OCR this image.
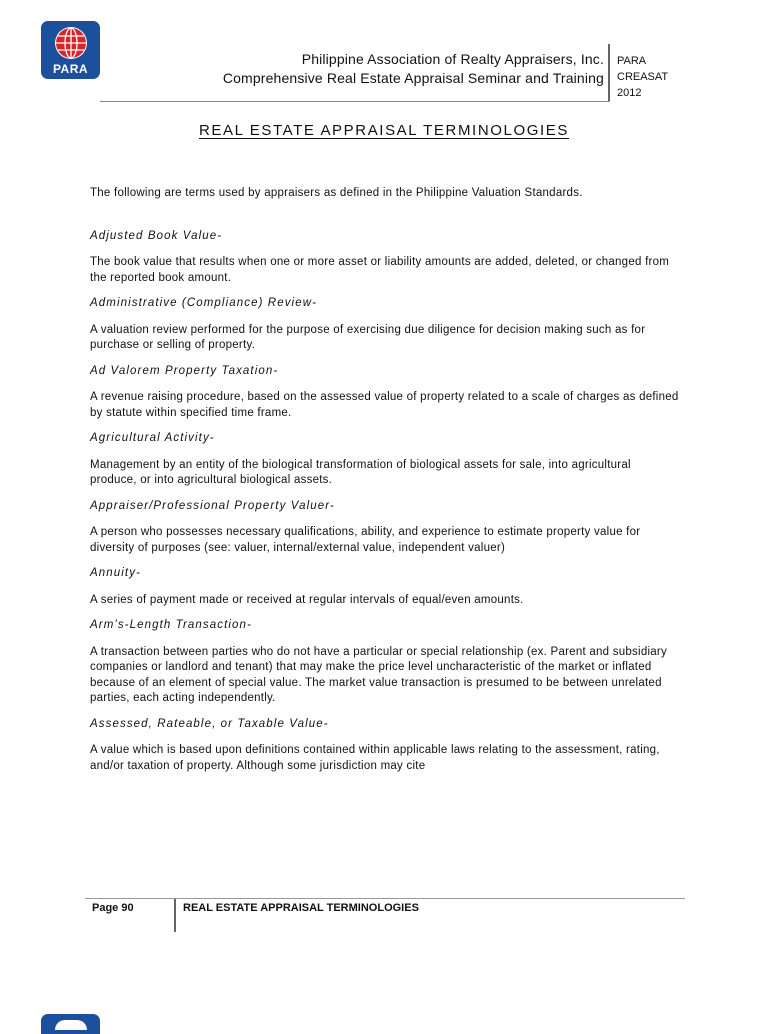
PARA
Philippine Association of Realty Appraisers, Inc.
Comprehensive Real Estate Appraisal Seminar and Training
PARA
CREASAT
2012
REAL ESTATE APPRAISAL TERMINOLOGIES

The following are terms used by appraisers as defined in the Philippine Valuation Standards.

Adjusted Book Value-

The book value that results when one or more asset or liability amounts are added, deleted, or changed from the reported book amount.

Administrative (Compliance) Review-

A valuation review performed for the purpose of exercising due diligence for decision making such as for purchase or selling of property.

Ad Valorem Property Taxation-

A revenue raising procedure, based on the assessed value of property related to a scale of charges as defined by statute within specified time frame.

Agricultural Activity-

Management by an entity of the biological transformation of biological assets for sale, into agricultural produce, or into agricultural biological assets.

Appraiser/Professional Property Valuer-

A person who possesses necessary qualifications, ability, and experience to estimate property value for diversity of purposes (see: valuer, internal/external value, independent valuer)

Annuity-

A series of payment made or received at regular intervals of equal/even amounts.

Arm’s-Length Transaction-

A transaction between parties who do not have a particular or special relationship (ex. Parent and subsidiary companies or landlord and tenant) that may make the price level uncharacteristic of the market or inflated because of an element of special value. The market value transaction is presumed to be between unrelated parties, each acting independently.

Assessed, Rateable, or Taxable Value-

A value which is based upon definitions contained within applicable laws relating to the assessment, rating, and/or taxation of property. Although some jurisdiction may cite

Page 90	REAL ESTATE APPRAISAL TERMINOLOGIES
